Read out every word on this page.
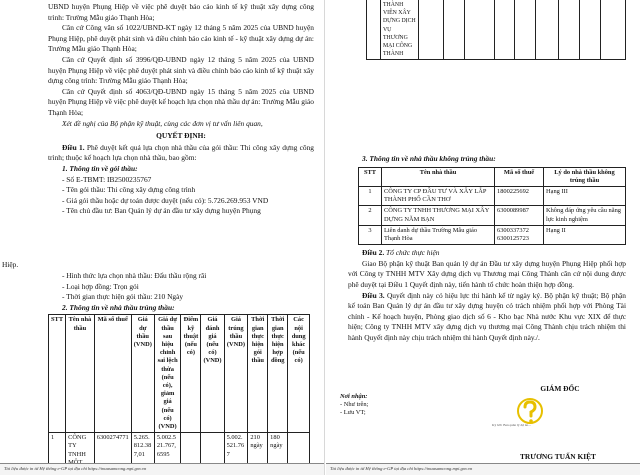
UBND huyện Phụng Hiệp về việc phê duyệt báo cáo kinh tế kỹ thuật xây dựng công trình: Trường Mẫu giáo Thạnh Hòa;

Căn cứ Công văn số 1022/UBND-KT ngày 12 tháng 5 năm 2025 của UBND huyện Phụng Hiệp, phê duyệt phát sinh và điều chỉnh báo cáo kinh tế - kỹ thuật xây dựng dự án: Trường Mẫu giáo Thạnh Hòa;

Căn cứ Quyết định số 3996/QĐ-UBND ngày 12 tháng 5 năm 2025 của UBND huyện Phụng Hiệp về việc phê duyệt phát sinh và điều chỉnh báo cáo kinh tế kỹ thuật xây dựng công trình: Trường Mẫu giáo Thạnh Hòa;

Căn cứ Quyết định số 4063/QĐ-UBND ngày 15 tháng 5 năm 2025 của UBND huyện Phụng Hiệp về việc phê duyệt kế hoạch lựa chọn nhà thầu dự án: Trường Mẫu giáo Thạnh Hòa;

Xét đề nghị của Bộ phận kỹ thuật, cùng các đơn vị tư vấn liên quan,

QUYẾT ĐỊNH:

Điều 1. Phê duyệt kết quả lựa chọn nhà thầu của gói thầu: Thi công xây dựng công trình; thuộc kế hoạch lựa chọn nhà thầu, bao gồm:

1. Thông tin về gói thầu:

- Số E-TBMT: IB2500235767

- Tên gói thầu: Thi công xây dựng công trình

- Giá gói thầu hoặc dự toán được duyệt (nếu có): 5.726.269.953 VND

- Tên chủ đầu tư: Ban Quản lý dự án đầu tư xây dựng huyện Phụng

Hiệp.

- Hình thức lựa chọn nhà thầu: Đấu thầu rộng rãi

- Loại hợp đồng: Trọn gói

- Thời gian thực hiện gói thầu: 210 Ngày

2. Thông tin về nhà thầu trúng thầu:

STT	Tên nhà thầu	Mã số thuế	Giá dự thầu (VND)	Giá dự thầu sau hiệu chỉnh sai lệch thừa (nếu có), giảm giá (nếu có) (VND)	Điểm kỹ thuật (nếu có)	Giá đánh giá (nếu có) (VND)	Giá trúng thầu (VND)	Thời gian thực hiện gói thầu	Thời gian thực hiện hợp đồng	Các nội dung khác (nếu có)
1	CÔNG TY TNHH	6300274771	5.265.812.387,01	5.002.521.767,6595			5.002.521.767	210 ngày	180 ngày	
Tài liệu được in từ Hệ thống e-GP tại địa chỉ https://muasamcong.mpi.gov.vn
	THÀNH VIÊN XÂY DỰNG DỊCH VỤ THƯƠNG MẠI CÔNG THÀNH									

3. Thông tin về nhà thầu không trúng thầu:

STT	Tên nhà thầu	Mã số thuế	Lý do nhà thầu không trúng thầu
1	CÔNG TY CP ĐẦU TƯ VÀ XÂY LẮP THÀNH PHỐ CẦN THƠ	1800225692	Hạng III
2	CÔNG TY TNHH THƯƠNG MẠI XÂY DỰNG NĂM BẠN	6300089987	Không đáp ứng yêu cầu năng lực kinh nghiệm
3	Liên danh dự thầu Trường Mẫu giáo Thạnh Hòa	6300337372 6300125723	Hạng II

Điều 2. Tổ chức thực hiện

Giao Bộ phận kỹ thuật Ban quản lý dự án Đầu tư xây dựng huyện Phụng Hiệp phối hợp với Công ty TNHH MTV Xây dựng dịch vụ Thương mại Công Thành căn cứ nội dung được phê duyệt tại Điều 1 Quyết định này, tiến hành tổ chức hoàn thiện hợp đồng.

Điều 3. Quyết định này có hiệu lực thi hành kể từ ngày ký. Bộ phận kỹ thuật; Bộ phận kế toán Ban Quản lý dự án đầu tư xây dựng huyện có trách nhiệm phối hợp với Phòng Tài chính - Kế hoạch huyện, Phòng giao dịch số 6 - Kho bạc Nhà nước Khu vực XIX để thực hiện; Công ty TNHH MTV xây dựng dịch vụ thương mại Công Thành chịu trách nhiệm thi hành Quyết định này chịu trách nhiệm thi hành Quyết định này./.

GIÁM ĐỐC

Nơi nhận:

- Như trên;

- Lưu VT;

Ký bởi: Ban quản lý dự án...

TRƯƠNG TUẤN KIỆT

Tài liệu được in từ Hệ thống e-GP tại địa chỉ https://muasamcong.mpi.gov.vn
